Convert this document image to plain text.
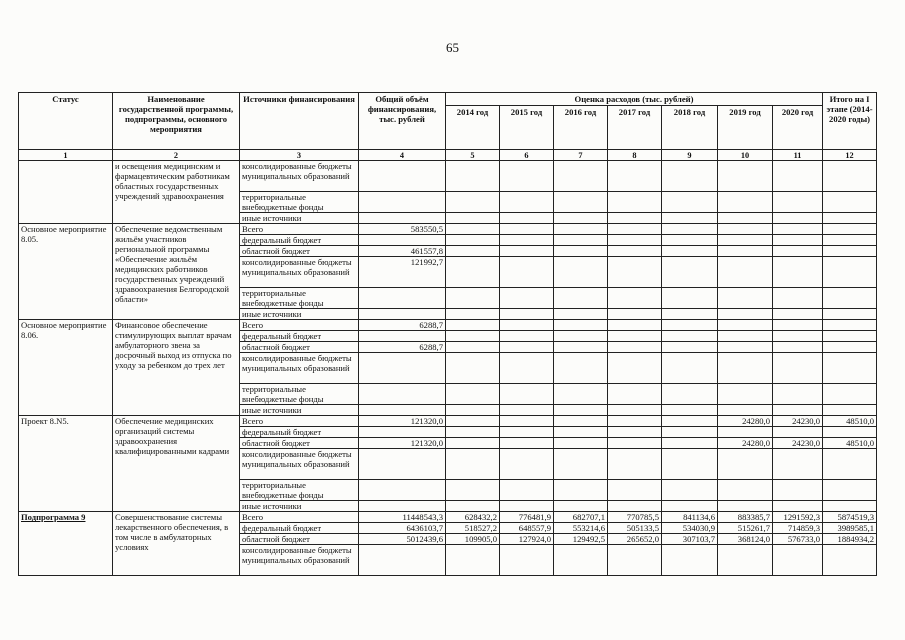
65
Статус	Наименование государственной программы, подпрограммы, основного мероприятия	Источники финансирования	Общий объём финансирования, тыс. рублей	Оценка расходов (тыс. рублей)							Итого на I этапе (2014-2020 годы)
				2014 год	2015 год	2016 год	2017 год	2018 год	2019 год	2020 год	
1	2	3	4	5	6	7	8	9	10	11	12
	и освещения медицинским и фармацевтическим работникам областных государственных учреждений здравоохранения	консолидированные бюджеты муниципальных образований									
		территориальные внебюджетные фонды									
		иные источники									
Основное мероприятие 8.05.	Обеспечение ведомственным жильём участников региональной программы «Обеспечение жильём медицинских работников государственных учреждений здравоохранения Белгородской области»	Всего	583550,5								
		федеральный бюджет									
		областной бюджет	461557,8								
		консолидированные бюджеты муниципальных образований	121992,7								
		территориальные внебюджетные фонды									
		иные источники									
Основное мероприятие 8.06.	Финансовое обеспечение стимулирующих выплат врачам амбулаторного звена за досрочный выход из отпуска по уходу за ребенком до трех лет	Всего	6288,7								
		федеральный бюджет									
		областной бюджет	6288,7								
		консолидированные бюджеты муниципальных образований									
		территориальные внебюджетные фонды									
		иные источники									
Проект 8.N5.	Обеспечение медицинских организаций системы здравоохранения квалифицированными кадрами	Всего	121320,0						24280,0	24230,0	48510,0
		федеральный бюджет									
		областной бюджет	121320,0						24280,0	24230,0	48510,0
		консолидированные бюджеты муниципальных образований									
		территориальные внебюджетные фонды									
		иные источники									
Подпрограмма 9	Совершенствование системы лекарственного обеспечения, в том числе в амбулаторных условиях	Всего	11448543,3	628432,2	776481,9	682707,1	770785,5	841134,6	883385,7	1291592,3	5874519,3
		федеральный бюджет	6436103,7	518527,2	648557,9	553214,6	505133,5	534030,9	515261,7	714859,3	3989585,1
		областной бюджет	5012439,6	109905,0	127924,0	129492,5	265652,0	307103,7	368124,0	576733,0	1884934,2
		консолидированные бюджеты муниципальных образований									
